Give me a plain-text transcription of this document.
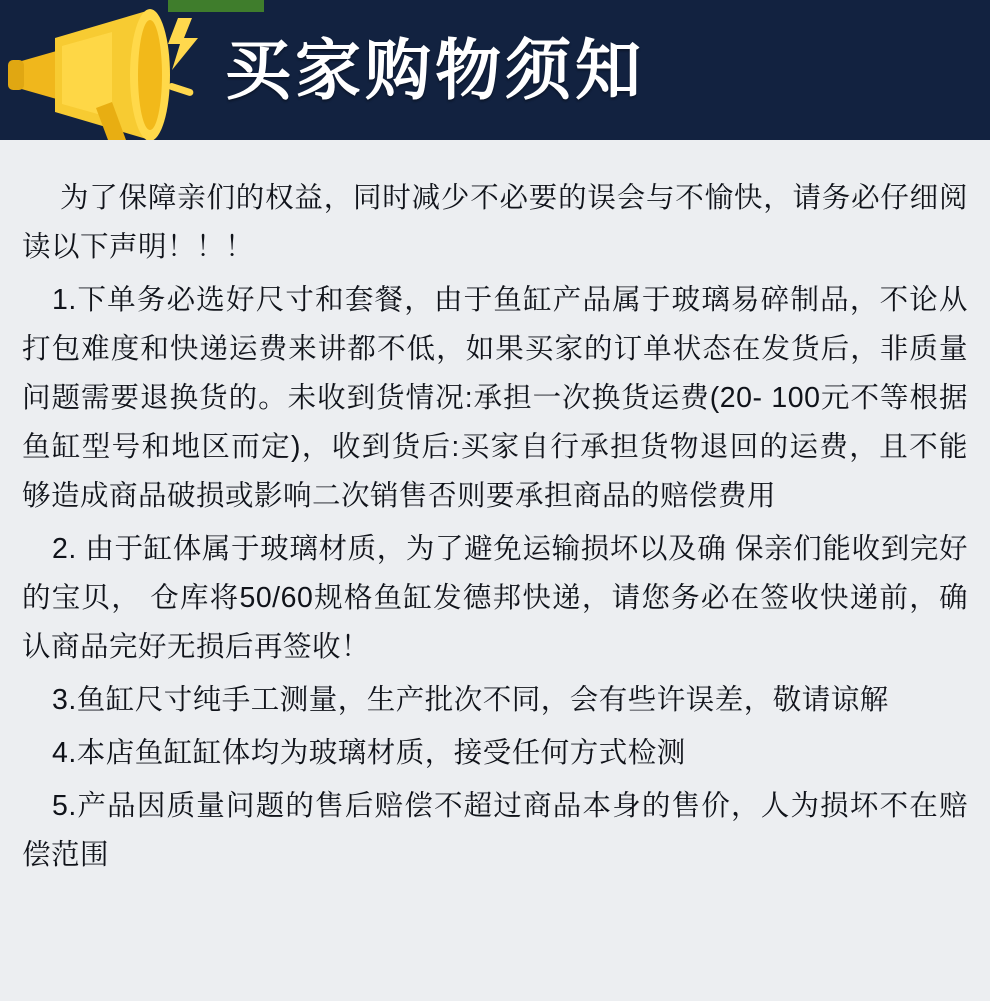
买家购物须知

为了保障亲们的权益，同时减少不必要的误会与不愉快，请务必仔细阅读以下声明！！！

1.下单务必选好尺寸和套餐，由于鱼缸产品属于玻璃易碎制品，不论从打包难度和快递运费来讲都不低，如果买家的订单状态在发货后，非质量问题需要退换货的。未收到货情况:承担一次换货运费(20- 100元不等根据鱼缸型号和地区而定)，收到货后:买家自行承担货物退回的运费，且不能够造成商品破损或影响二次销售否则要承担商品的赔偿费用

2. 由于缸体属于玻璃材质，为了避免运输损坏以及确 保亲们能收到完好的宝贝， 仓库将50/60规格鱼缸发德邦快递，请您务必在签收快递前，确认商品完好无损后再签收！

3.鱼缸尺寸纯手工测量，生产批次不同，会有些许误差，敬请谅解

4.本店鱼缸缸体均为玻璃材质，接受任何方式检测

5.产品因质量问题的售后赔偿不超过商品本身的售价，人为损坏不在赔偿范围
